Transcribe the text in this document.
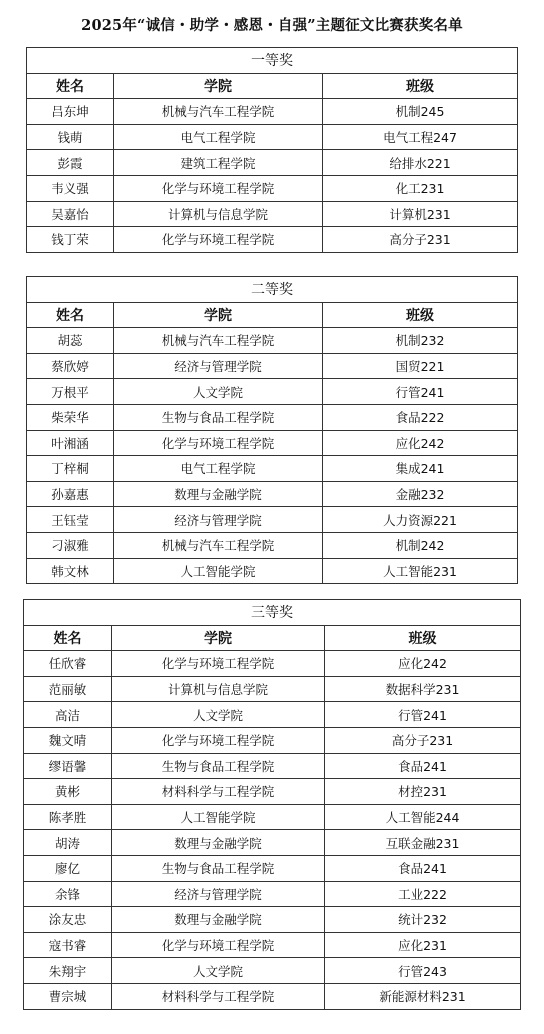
2025年“诚信・助学・感恩・自强”主题征文比赛获奖名单
一等奖		
姓名	学院	班级
吕东坤	机械与汽车工程学院	机制245
钱萌	电气工程学院	电气工程247
彭霞	建筑工程学院	给排水221
韦义强	化学与环境工程学院	化工231
吴嘉怡	计算机与信息学院	计算机231
钱丁荣	化学与环境工程学院	高分子231
二等奖		
姓名	学院	班级
胡蕊	机械与汽车工程学院	机制232
蔡欣婷	经济与管理学院	国贸221
万根平	人文学院	行管241
柴荣华	生物与食品工程学院	食品222
叶湘涵	化学与环境工程学院	应化242
丁梓桐	电气工程学院	集成241
孙嘉惠	数理与金融学院	金融232
王钰莹	经济与管理学院	人力资源221
刁淑雅	机械与汽车工程学院	机制242
韩文林	人工智能学院	人工智能231
三等奖		
姓名	学院	班级
任欣睿	化学与环境工程学院	应化242
范丽敏	计算机与信息学院	数据科学231
高洁	人文学院	行管241
魏文晴	化学与环境工程学院	高分子231
缪语馨	生物与食品工程学院	食品241
黄彬	材料科学与工程学院	材控231
陈孝胜	人工智能学院	人工智能244
胡涛	数理与金融学院	互联金融231
廖亿	生物与食品工程学院	食品241
余锋	经济与管理学院	工业222
涂友忠	数理与金融学院	统计232
寇书睿	化学与环境工程学院	应化231
朱翔宇	人文学院	行管243
曹宗城	材料科学与工程学院	新能源材料231
